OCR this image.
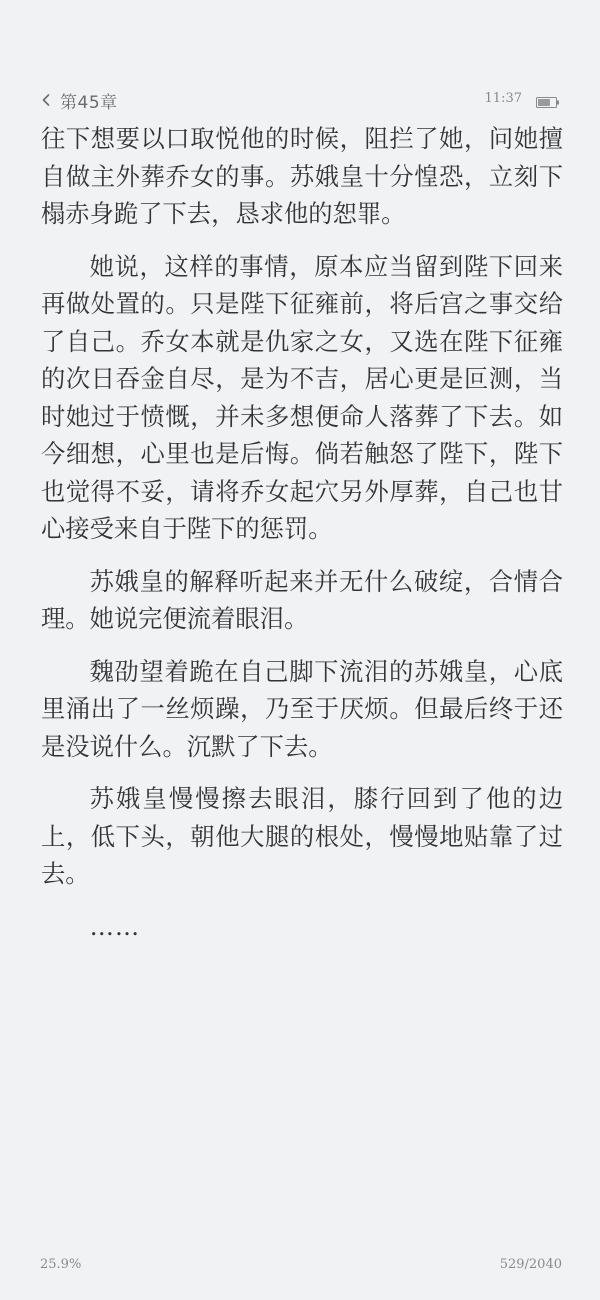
第45章	11:37

往下想要以口取悦他的时候，阻拦了她，问她擅自做主外葬乔女的事。苏娥皇十分惶恐，立刻下榻赤身跪了下去，恳求他的恕罪。

她说，这样的事情，原本应当留到陛下回来再做处置的。只是陛下征雍前，将后宫之事交给了自己。乔女本就是仇家之女，又选在陛下征雍的次日吞金自尽，是为不吉，居心更是叵测，当时她过于愤慨，并未多想便命人落葬了下去。如今细想，心里也是后悔。倘若触怒了陛下，陛下也觉得不妥，请将乔女起穴另外厚葬，自己也甘心接受来自于陛下的惩罚。

苏娥皇的解释听起来并无什么破绽，合情合理。她说完便流着眼泪。

魏劭望着跪在自己脚下流泪的苏娥皇，心底里涌出了一丝烦躁，乃至于厌烦。但最后终于还是没说什么。沉默了下去。

苏娥皇慢慢擦去眼泪，膝行回到了他的边上，低下头，朝他大腿的根处，慢慢地贴靠了过去。

……

25.9%	529/2040
